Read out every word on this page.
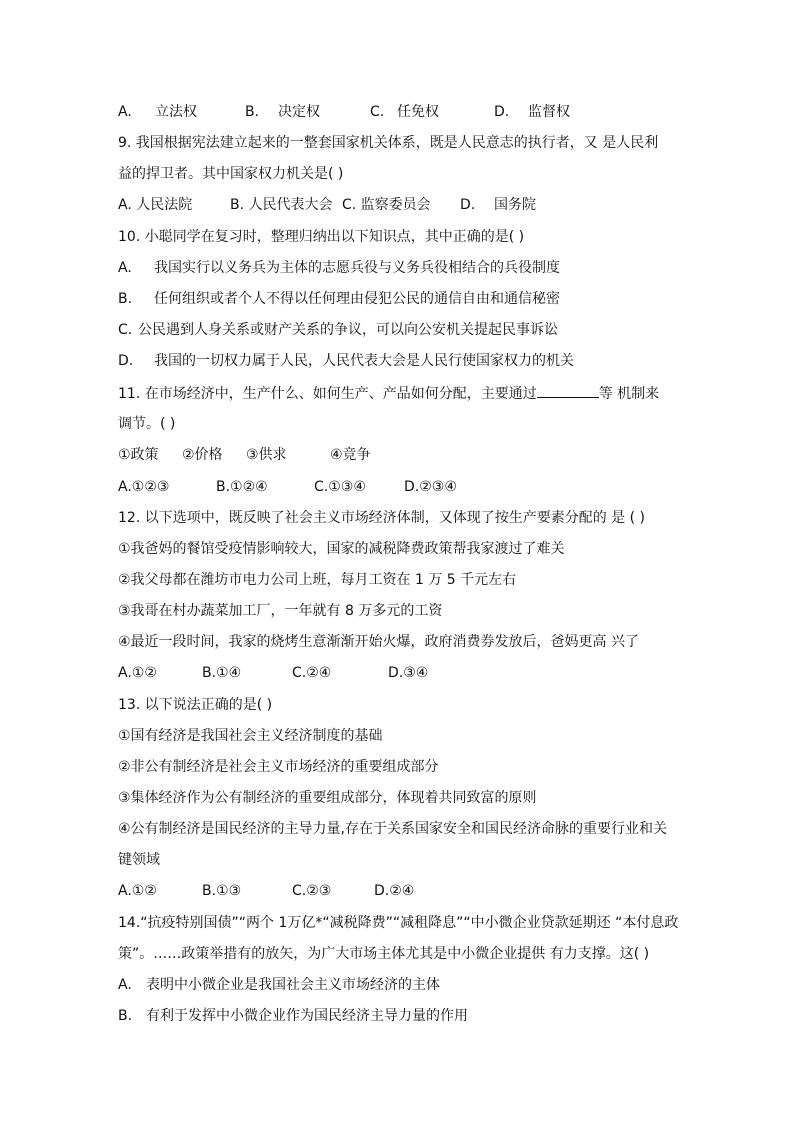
A. 立法权	B. 决定权	C. 任免权	D. 监督权
9. 我国根据宪法建立起来的一整套国家机关体系，既是人民意志的执行者，又 是人民利
益的捍卫者。其中国家权力机关是( )
A. 人民法院	B. 人民代表大会 C. 监察委员会 D. 国务院
10. 小聪同学在复习时，整理归纳出以下知识点，其中正确的是( )
A. 我国实行以义务兵为主体的志愿兵役与义务兵役相结合的兵役制度
B. 任何组织或者个人不得以任何理由侵犯公民的通信自由和通信秘密
C. 公民遇到人身关系或财产关系的争议，可以向公安机关提起民事诉讼
D. 我国的一切权力属于人民，人民代表大会是人民行使国家权力的机关
11. 在市场经济中，生产什么、如何生产、产品如何分配，主要通过	等 机制来
调节。( )
①政策 ②价格 ③供求	④竞争
A.①②③	B.①②④	C.①③④	D.②③④
12. 以下选项中，既反映了社会主义市场经济体制，又体现了按生产要素分配的 是 ( )
①我爸妈的餐馆受疫情影响较大，国家的减税降费政策帮我家渡过了难关
②我父母都在潍坊市电力公司上班，每月工资在 1 万 5 千元左右
③我哥在村办蔬菜加工厂，一年就有 8 万多元的工资
④最近一段时间，我家的烧烤生意渐渐开始火爆，政府消费券发放后，爸妈更高 兴了
A.①②	B.①④	C.②④	D.③④
13. 以下说法正确的是( )
①国有经济是我国社会主义经济制度的基础
②非公有制经济是社会主义市场经济的重要组成部分
③集体经济作为公有制经济的重要组成部分，体现着共同致富的原则
④公有制经济是国民经济的主导力量,存在于关系国家安全和国民经济命脉的重要行业和关
键领域
A.①②	B.①③	C.②③	D.②④
14.“抗疫特别国债”“两个 1万亿*“减税降费”“减租降息”“中小微企业贷款延期还 “本付息政
策”。……政策举措有的放矢，为广大市场主体尤其是中小微企业提供 有力支撑。这( )
A. 表明中小微企业是我国社会主义市场经济的主体
B. 有利于发挥中小微企业作为国民经济主导力量的作用
